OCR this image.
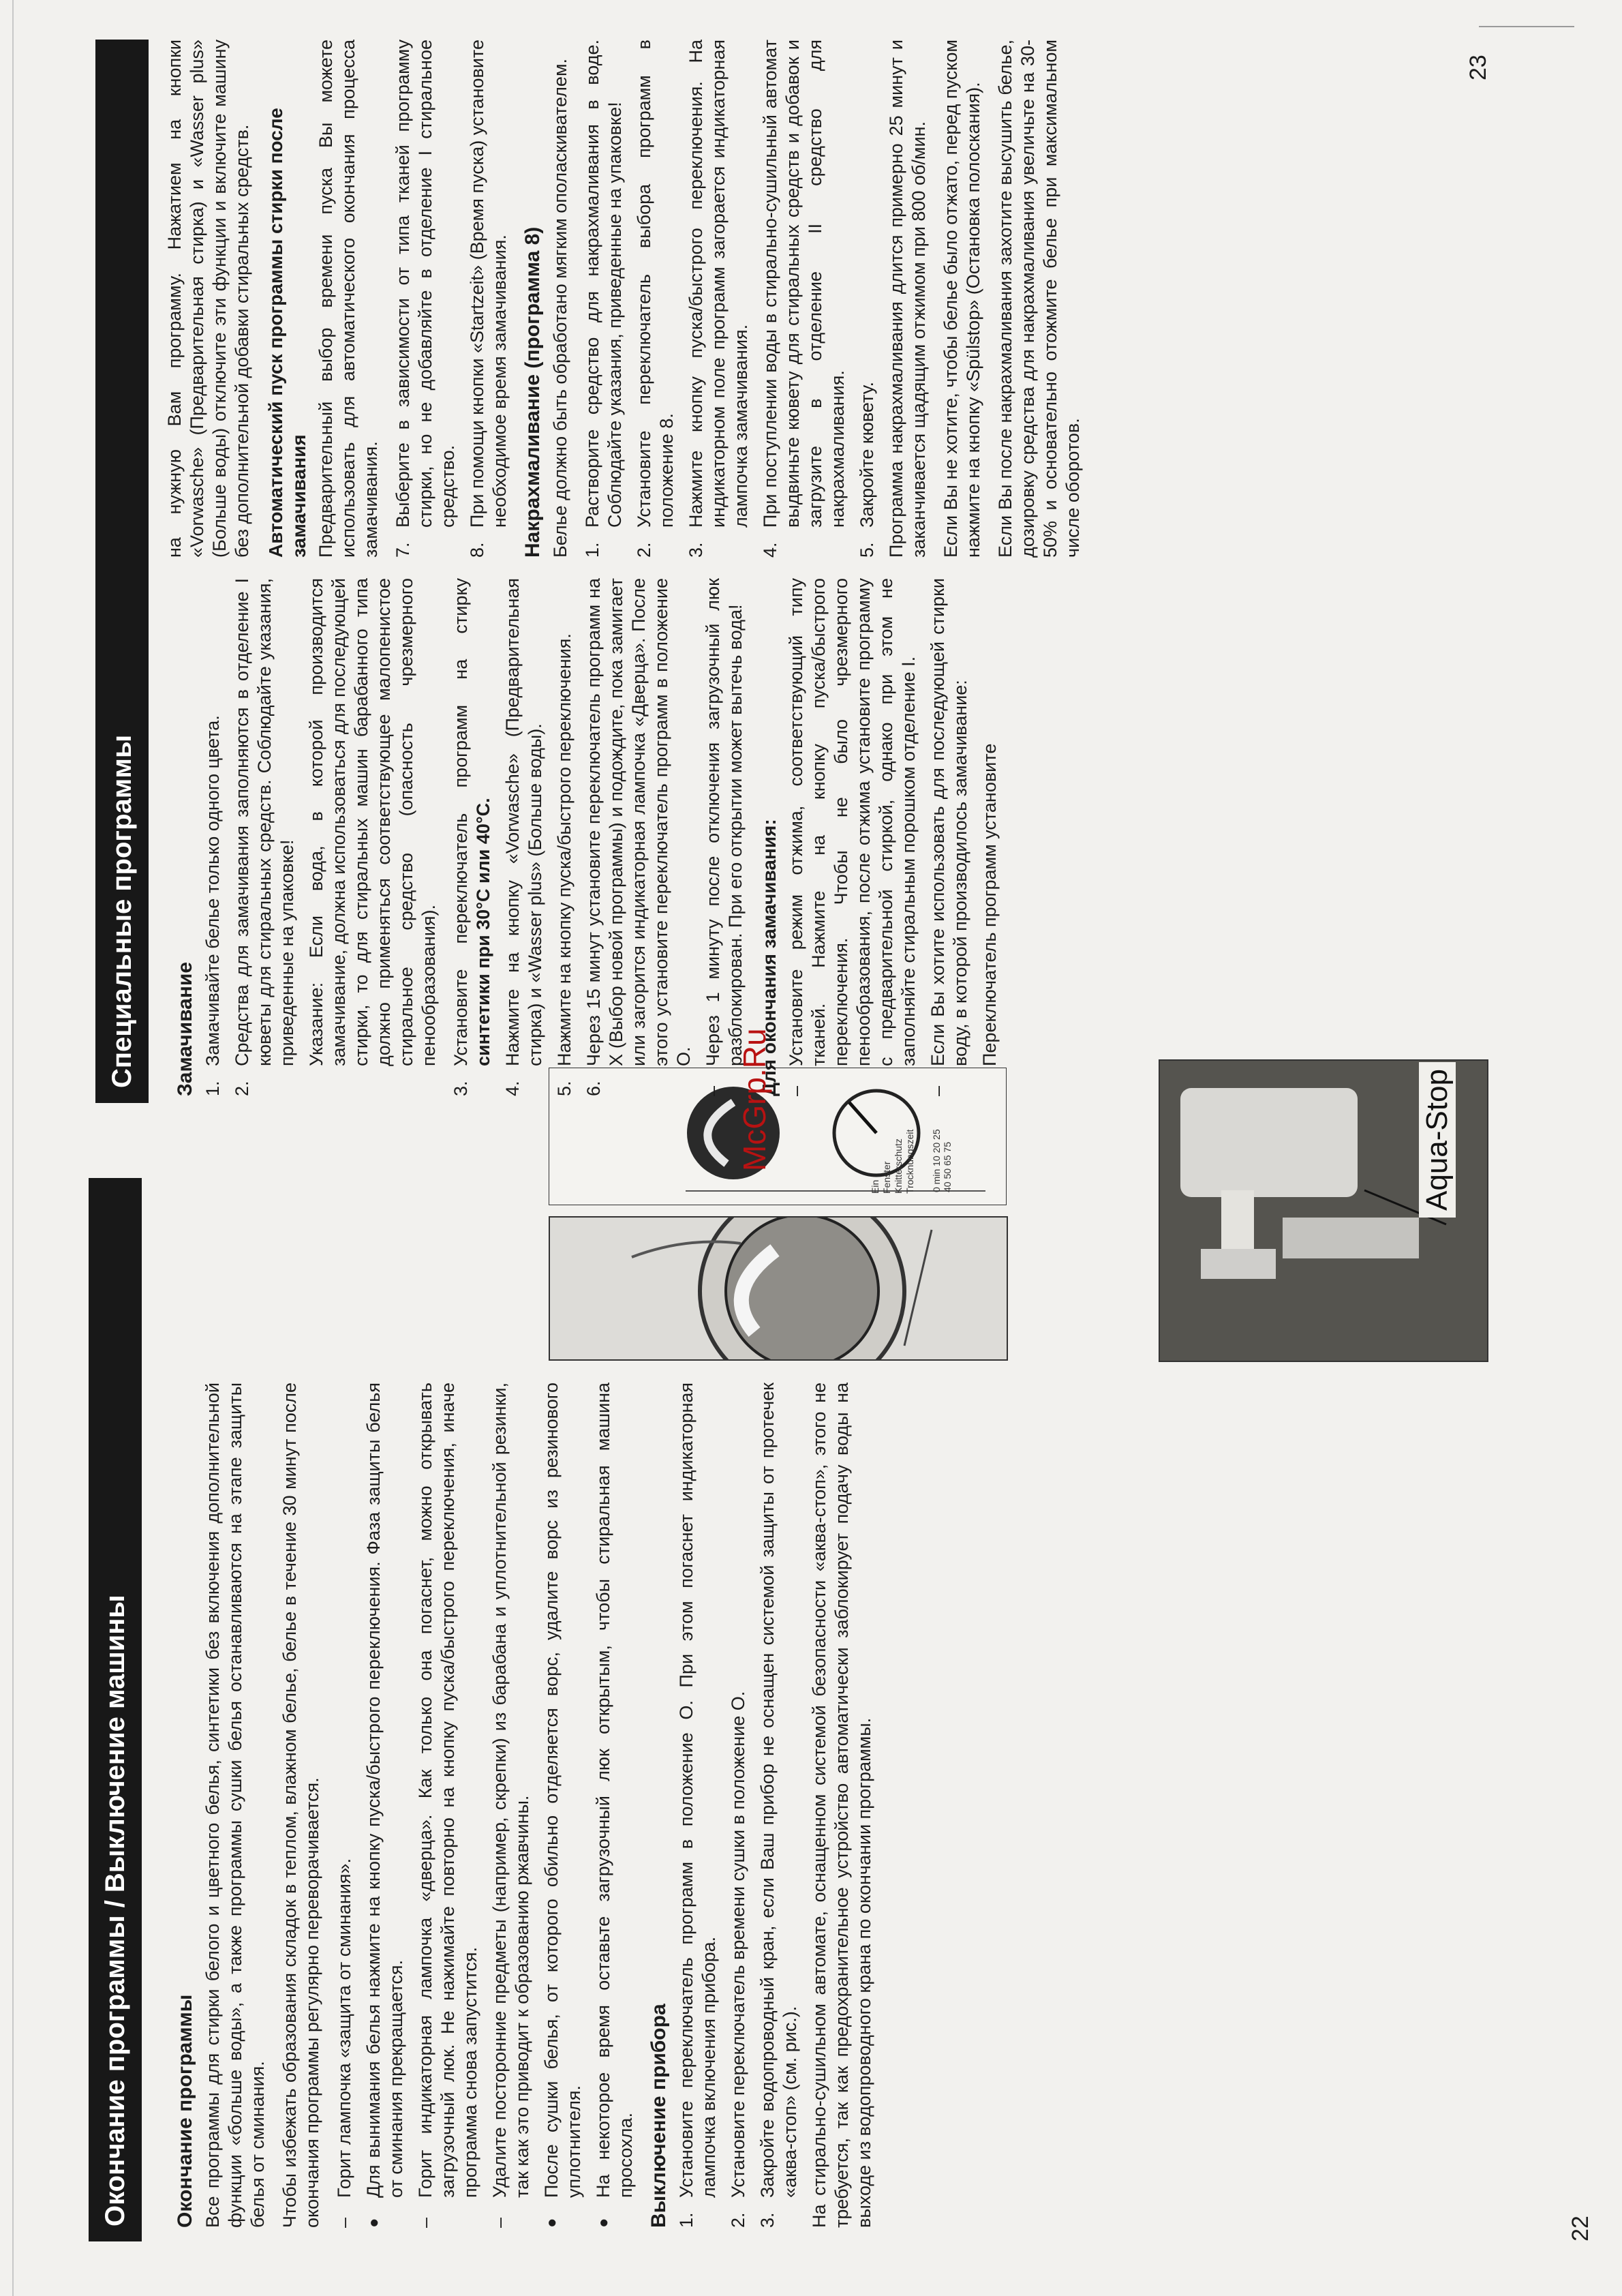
Окончание программы / Выключение машины	Окончание программы Все программы для стирки белого и цветного белья, синтетики без включения дополнительной функции «больше воды», а также программы сушки белья останавливаются на этапе защиты белья от сминания. Чтобы избежать образования складок в теплом, влажном белье, белье в течение 30 минут после окончания программы регулярно переворачивается. –
Горит лампочка «защита от сминания».
●
Для вынимания белья нажмите на кнопку пуска/быстрого переключения. Фаза защиты белья от сминания прекращается.
–
Горит индикаторная лампочка «дверца». Как только она погаснет, можно открывать загрузочный люк. Не нажимайте повторно на кнопку пуска/быстрого переключения, иначе программа снова запустится.
–
Удалите посторонние предметы (например, скрепки) из барабана и уплотнительной резинки, так как это приводит к образованию ржавчины.
●
После сушки белья, от которого обильно отделяется ворс, удалите ворс из резинового уплотнителя.
●
На некоторое время оставьте загрузочный люк открытым, чтобы стиральная машина просохла. Выключение прибора 1.
Установите переключатель программ в положение О. При этом погаснет индикаторная лампочка включения прибора.
2.
Установите переключатель времени сушки в положение О.
3.
Закройте водопроводный кран, если Ваш прибор не оснащен системой защиты от протечек «аква-стоп» (см. рис.). На стирально-сушильном автомате, оснащенном системой безопасности «аква-стоп», этого не требуется, так как предохранительное устройство автоматически заблокирует подачу воды на выходе из водопроводного крана по окончании программы.

Ein Fenster Knitterschutz Trocknungszeit 0 min 10 20 25
40 50 65 75	Aqua-Stop
22
Специальные программы	Замачивание 1.
Замачивайте белье только одного цвета.
2.
Средства для замачивания заполняются в отделение I кюветы для стиральных средств. Соблюдайте указания, приведенные на упаковке! Указание: Если вода, в которой производится замачивание, должна использоваться для последующей стирки, то для стиральных машин барабанного типа должно применяться соответствующее малопенистое стиральное средство (опасность чрезмерного пенообразования).

3.
Установите переключатель программ на стирку синтетики при 30°C или 40°C.
4.
Нажмите на кнопку «Vorwasche» (Предварительная стирка) и «Wasser plus» (Больше воды).
5.
Нажмите на кнопку пуска/быстрого переключения.
6.
Через 15 минут установите переключатель программ на X (Выбор новой программы) и подождите, пока замигает или загорится индикаторная лампочка «Дверца». После этого установите переключатель программ в положение О.
–
Через 1 минуту после отключения загрузочный люк разблокирован. При его открытии может вытечь вода! Для окончания замачивания: –
Установите режим отжима, соответствующий типу тканей. Нажмите на кнопку пуска/быстрого переключения. Чтобы не было чрезмерного пенообразования, после отжима установите программу с предварительной стиркой, однако при этом не заполняйте стиральным порошком отделение I.
–
Если Вы хотите использовать для последующей стирки воду, в которой производилось замачивание: Переключатель программ установите

на нужную Вам программу. Нажатием на кнопки «Vorwasche» (Предварительная стирка) и «Wasser plus» (Больше воды) отключите эти функции и включите машину без дополнительной добавки стиральных средств. Автоматический пуск программы стирки после замачивания Предварительный выбор времени пуска Вы можете использовать для автоматического окончания процесса замачивания. 7.
Выберите в зависимости от типа тканей программу стирки, но не добавляйте в отделение I стиральное средство.
8.
При помощи кнопки «Startzeit» (Время пуска) установите необходимое время замачивания. Накрахмаливание (программа 8) Белье должно быть обработано мягким ополаскивателем. 1.
Растворите средство для накрахмаливания в воде. Соблюдайте указания, приведенные на упаковке!
2.
Установите переключатель выбора программ в положение 8.
3.
Нажмите кнопку пуска/быстрого переключения. На индикаторном поле программ загорается индикаторная лампочка замачивания.
4.
При поступлении воды в стирально-сушильный автомат выдвиньте кювету для стиральных средств и добавок и загрузите в отделение II средство для накрахмаливания.
5.
Закройте кювету. Программа накрахмаливания длится примерно 25 минут и заканчивается щадящим отжимом при 800 об/мин. Если Вы не хотите, чтобы белье было отжато, перед пуском нажмите на кнопку «Spülstop» (Остановка полоскания). Если Вы после накрахмаливания захотите высушить белье, дозировку средства для накрахмаливания увеличьте на 30-50% и основательно отожмите белье при максимальном числе оборотов.

23
McGrp.Ru
